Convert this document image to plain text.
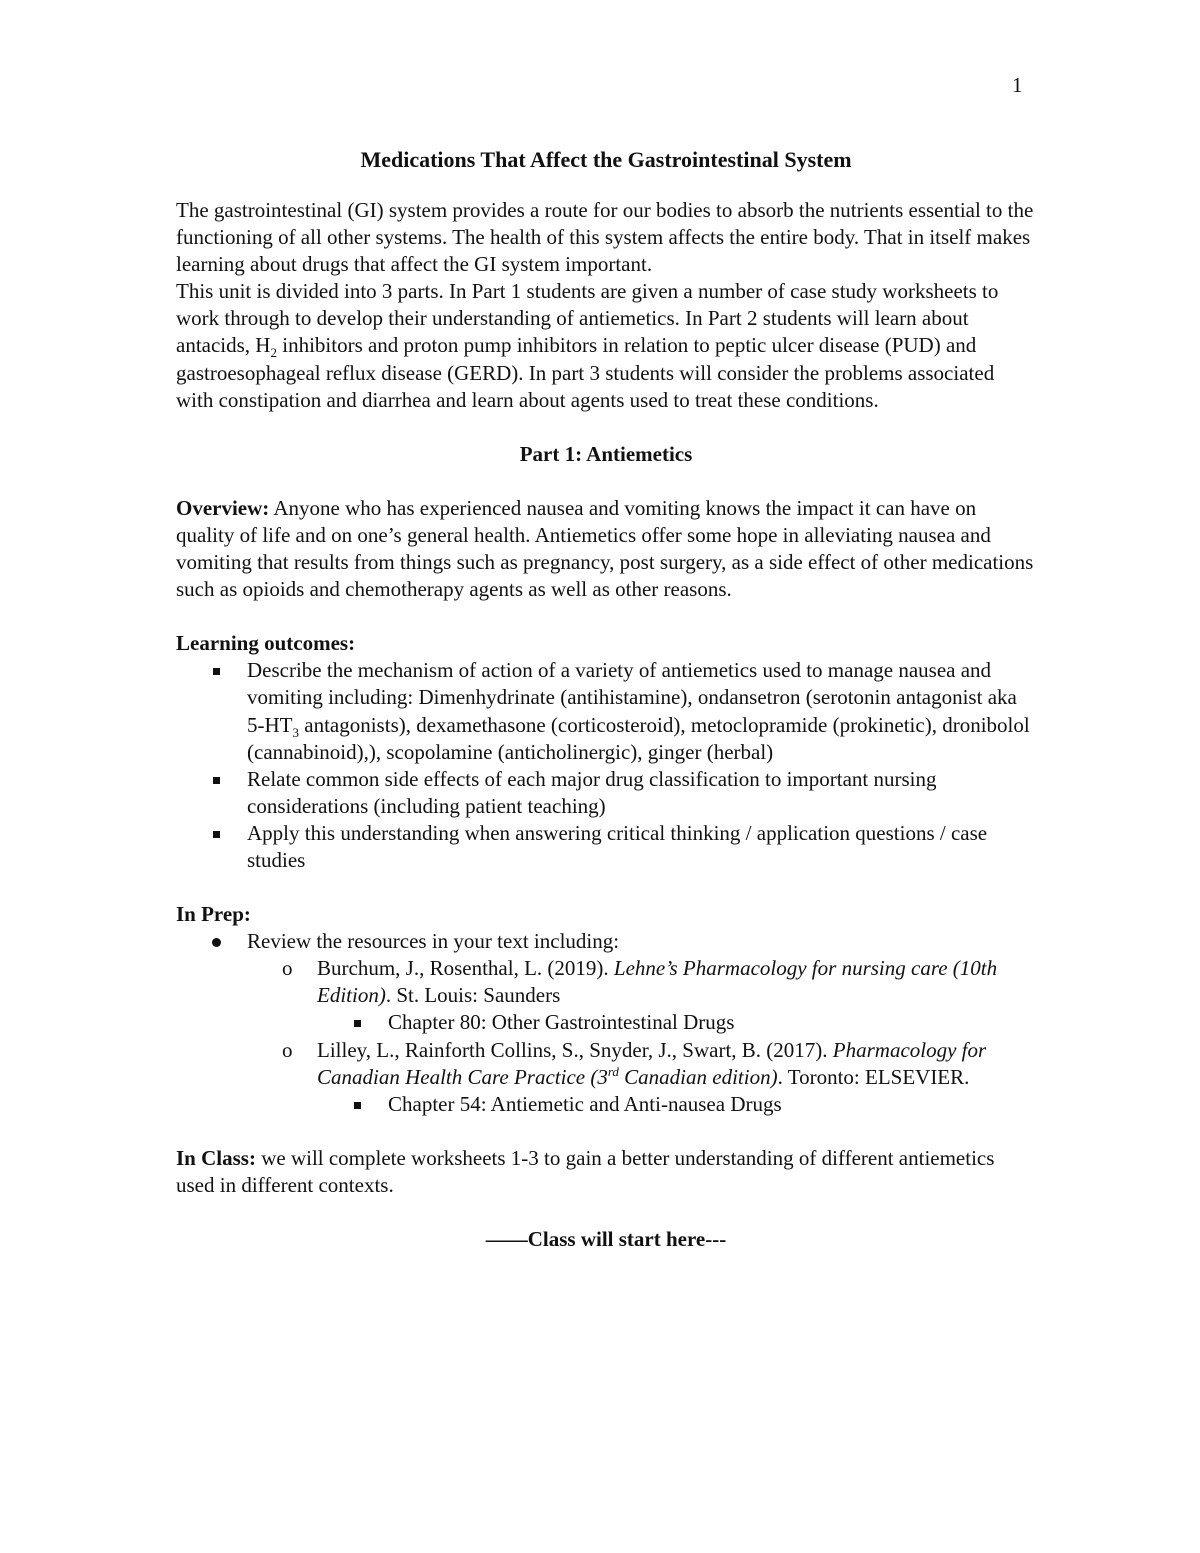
1
Medications That Affect the Gastrointestinal System

The gastrointestinal (GI) system provides a route for our bodies to absorb the nutrients essential to the functioning of all other systems. The health of this system affects the entire body. That in itself makes learning about drugs that affect the GI system important.

This unit is divided into 3 parts. In Part 1 students are given a number of case study worksheets to work through to develop their understanding of antiemetics. In Part 2 students will learn about antacids, $H_2$ inhibitors and proton pump inhibitors in relation to peptic ulcer disease (PUD) and gastroesophageal reflux disease (GERD). In part 3 students will consider the problems associated with constipation and diarrhea and learn about agents used to treat these conditions.

Part 1: Antiemetics

Overview: Anyone who has experienced nausea and vomiting knows the impact it can have on quality of life and on one’s general health. Antiemetics offer some hope in alleviating nausea and vomiting that results from things such as pregnancy, post surgery, as a side effect of other medications such as opioids and chemotherapy agents as well as other reasons.

Learning outcomes:

Describe the mechanism of action of a variety of antiemetics used to manage nausea and vomiting including: Dimenhydrinate (antihistamine), ondansetron (serotonin antagonist aka $5-HT_3$ antagonists), dexamethasone (corticosteroid), metoclopramide (prokinetic), dronibolol (cannabinoid),), scopolamine (anticholinergic), ginger (herbal)
Relate common side effects of each major drug classification to important nursing considerations (including patient teaching)
Apply this understanding when answering critical thinking / application questions / case studies

In Prep:

Review the resources in your text including:
o Burchum, J., Rosenthal, L. (2019). Lehne’s Pharmacology for nursing care (10th Edition). St. Louis: Saunders
Chapter 80: Other Gastrointestinal Drugs
o Lilley, L., Rainforth Collins, S., Snyder, J., Swart, B. (2017). Pharmacology for Canadian Health Care Practice (3rd Canadian edition). Toronto: ELSEVIER.
Chapter 54: Antiemetic and Anti-nausea Drugs

In Class: we will complete worksheets 1-3 to gain a better understanding of different antiemetics used in different contexts.

——Class will start here---
